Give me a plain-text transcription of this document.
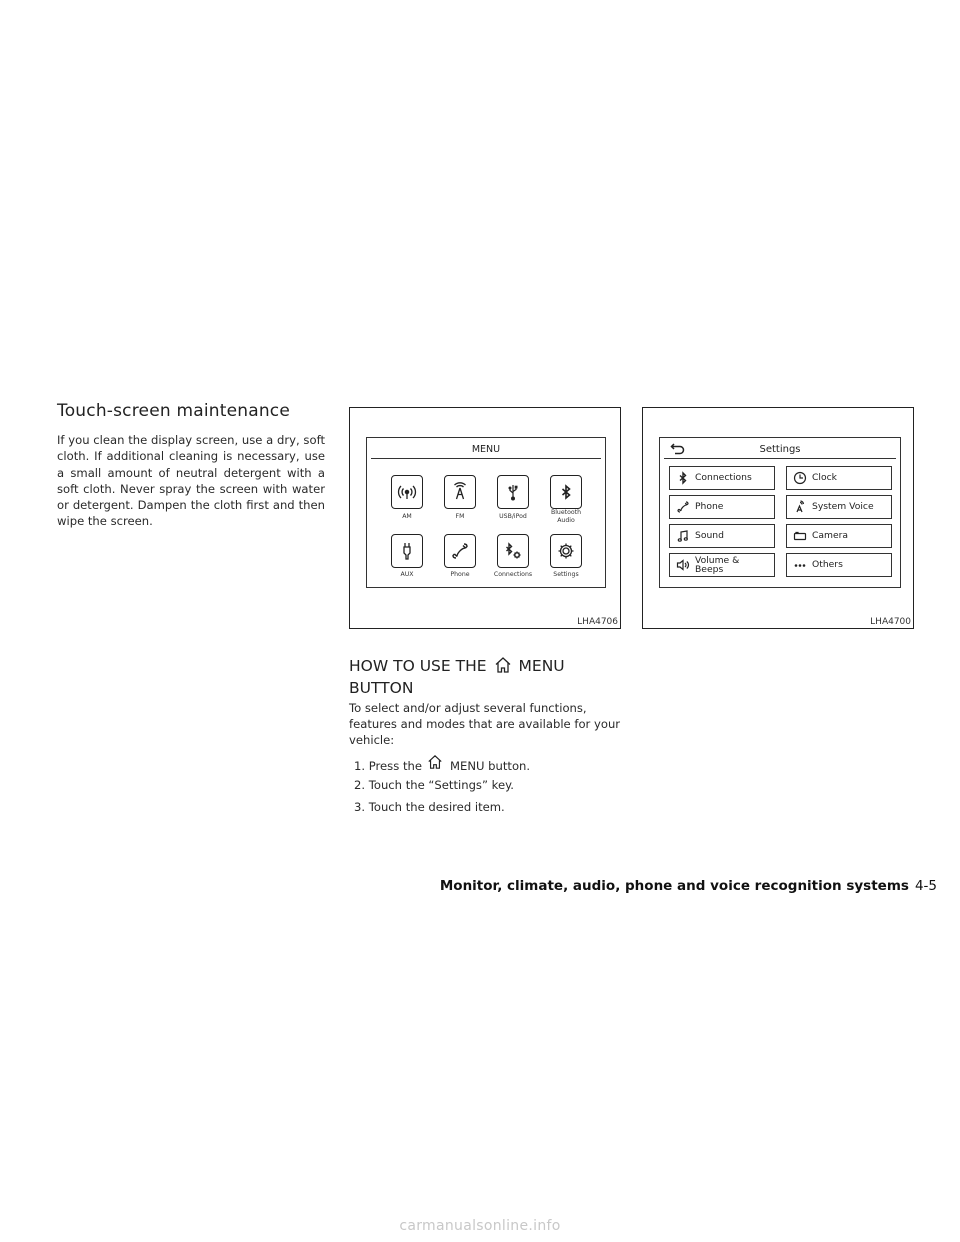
Touch-screen maintenance

If you clean the display screen, use a dry, soft cloth. If additional cleaning is necessary, use a small amount of neutral detergent with a soft cloth. Never spray the screen with water or detergent. Dampen the cloth first and then wipe the screen.

MENU
AM	FM	USB/iPod
Bluetooth
Audio
AUX	Phone	Connections	Settings
LHA4706
Settings
Connections
Phone
Sound
Volume &
Beeps
Clock
System Voice
Camera
Others
LHA4700
HOW TO USE THE MENU
BUTTON

To select and/or adjust several functions, features and modes that are available for your vehicle:

1. Press the MENU button.
2. Touch the “Settings” key.
3. Touch the desired item.
Monitor, climate, audio, phone and voice recognition systems 4-5
carmanualsonline.info
